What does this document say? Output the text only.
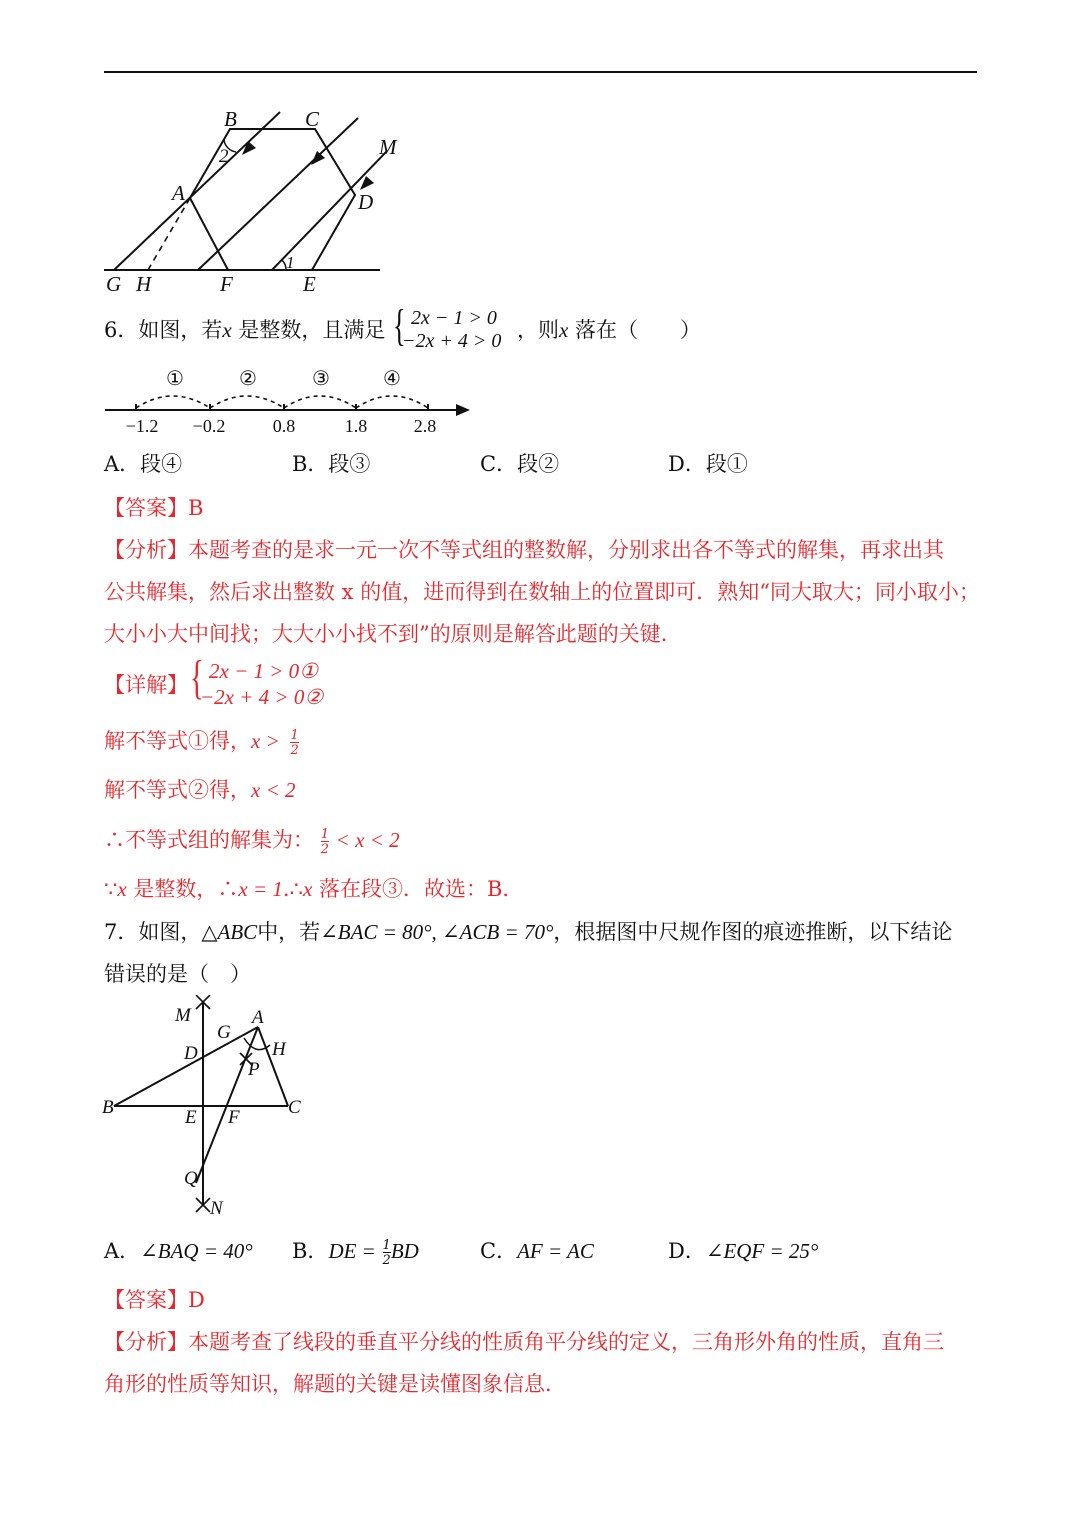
B	C
M
2
A	D
1
G H	F	E
6．如图，若x 是整数，且满足 { 2x − 1 > 0
−2x + 4 > 0 ，则x 落在（　　）
①	②	③	④
−1.2 −0.2	0.8	1.8	2.8
A．段④	B．段③	C．段②	D．段①
【答案】B
【分析】本题考查的是求一元一次不等式组的整数解，分别求出各不等式的解集，再求出其
公共解集，然后求出整数 x 的值，进而得到在数轴上的位置即可．熟知“同大取大；同小取小；
大小小大中间找；大大小小找不到”的原则是解答此题的关键．
【详解】 { 2x − 1 > 0①
−2x + 4 > 0②
解不等式①得，$x > \frac{1}{2}$
解不等式②得，x < 2
∴不等式组的解集为： $\frac{1}{2} < x < 2$
∵x 是整数，∴x = 1.∴x 落在段③．故选：B．
7．如图，△ABC中，若∠BAC = 80°, ∠ACB = 70°，根据图中尺规作图的痕迹推断，以下结论
错误的是（　）
M	A
G
H
D
P
B	E F	C
Q
N
A．∠BAQ = 40° B．DE = $\frac{1}{2}$ BD	C．AF = AC	D．∠EQF = 25°
【答案】D
【分析】本题考查了线段的垂直平分线的性质角平分线的定义，三角形外角的性质，直角三
角形的性质等知识，解题的关键是读懂图象信息．
